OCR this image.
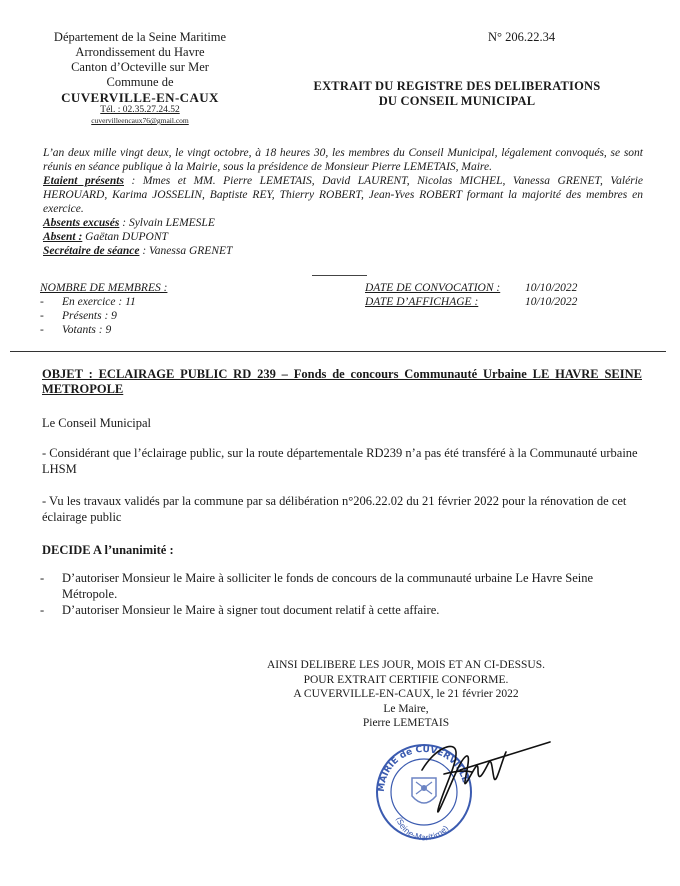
Département de la Seine Maritime
Arrondissement du Havre
Canton d’Octeville sur Mer
Commune de
CUVERVILLE-EN-CAUX
Tél. : 02.35.27.24.52
cuvervilleencaux76@gmail.com
N° 206.22.34
EXTRAIT DU REGISTRE DES DELIBERATIONS
DU CONSEIL MUNICIPAL

L’an deux mille vingt deux, le vingt octobre, à 18 heures 30, les membres du Conseil Municipal, légalement convoqués, se sont réunis en séance publique à la Mairie, sous la présidence de Monsieur Pierre LEMETAIS, Maire.

Etaient présents : Mmes et MM. Pierre LEMETAIS, David LAURENT, Nicolas MICHEL, Vanessa GRENET, Valérie HEROUARD, Karima JOSSELIN, Baptiste REY, Thierry ROBERT, Jean-Yves ROBERT formant la majorité des membres en exercice.

Absents excusés : Sylvain LEMESLE

Absent : Gaëtan DUPONT

Secrétaire de séance : Vanessa GRENET

NOMBRE DE MEMBRES :
- En exercice : 11
- Présents : 9
- Votants : 9
DATE DE CONVOCATION : 10/10/2022
DATE D’AFFICHAGE :	10/10/2022
OBJET : ECLAIRAGE PUBLIC RD 239 – Fonds de concours Communauté Urbaine LE HAVRE SEINE METROPOLE
Le Conseil Municipal
- Considérant que l’éclairage public, sur la route départementale RD239 n’a pas été transféré à la Communauté urbaine LHSM
- Vu les travaux validés par la commune par sa délibération n°206.22.02 du 21 février 2022 pour la rénovation de cet éclairage public
DECIDE A l’unanimité :
- D’autoriser Monsieur le Maire à solliciter le fonds de concours de la communauté urbaine Le Havre Seine Métropole.
- D’autoriser Monsieur le Maire à signer tout document relatif à cette affaire.
AINSI DELIBERE LES JOUR, MOIS ET AN CI-DESSUS.
POUR EXTRAIT CERTIFIE CONFORME.
A CUVERVILLE-EN-CAUX, le 21 février 2022
Le Maire,
Pierre LEMETAIS
MAIRIE de CUVERVILLE
(Seine-Maritime)
